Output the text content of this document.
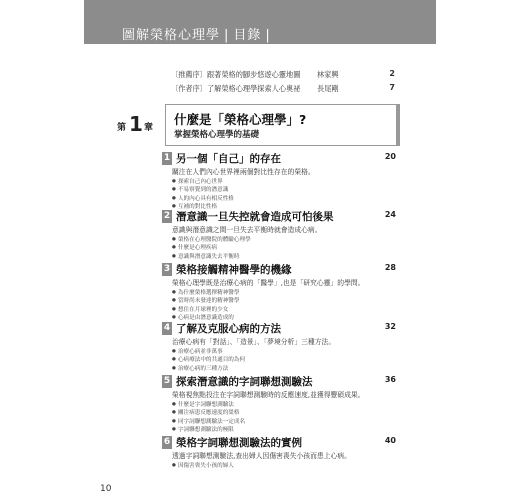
圖解榮格心理學 | 目錄 |
〔推薦序〕跟著榮格的腳步悠遊心靈地圖 林家興	2
〔作者序〕了解榮格心理學探索人心奧祕 長尾剛	7
第 1 章
什麼是「榮格心理學」?
掌握榮格心理學的基礎
1 另一個「自己」的存在	20
關注在人們內心世界裡兩個對比性存在的榮格。
● 探索自己內心世界
● 不易察覺到的潛意識
● 人的內心具有相反性格
● 互補的對比性格
2 潛意識一旦失控就會造成可怕後果	24
意識與潛意識之間一旦失去平衡時就會造成心病。
● 榮格在心理醫院的體驗心理學
● 什麼是心理疾病
● 意識與潛意識失去平衡時
3 榮格接觸精神醫學的機緣	28
榮格心理學既是治療心病的「醫學」,也是「研究心靈」的學問。
● 為什麼榮格選擇精神醫學
● 當時尚未發達的精神醫學
● 想住在月球裡的少女
● 心病是由潛意識造成的
4 了解及克服心病的方法	32
治療心病有「對話」、「造景」、「夢境分析」三種方法。
● 治療心病並非萬事
● 心病療法中的共通目的為何
● 治療心病的三種方法
5 探索潛意識的字詞聯想測驗法	36
榮格視焦點投注在字詞聯想測驗時的反應速度,並獲得豐碩成果。
● 什麼是字詞聯想測驗法
● 關注病患反應速度的榮格
● 同字詞聯想測驗法一定成名
● 字詞聯想測驗法的極限
6 榮格字詞聯想測驗法的實例	40
透過字詞聯想測驗法,查出婦人因傷害喪失小孩而患上心病。
● 因傷害喪失小孩的婦人
10
